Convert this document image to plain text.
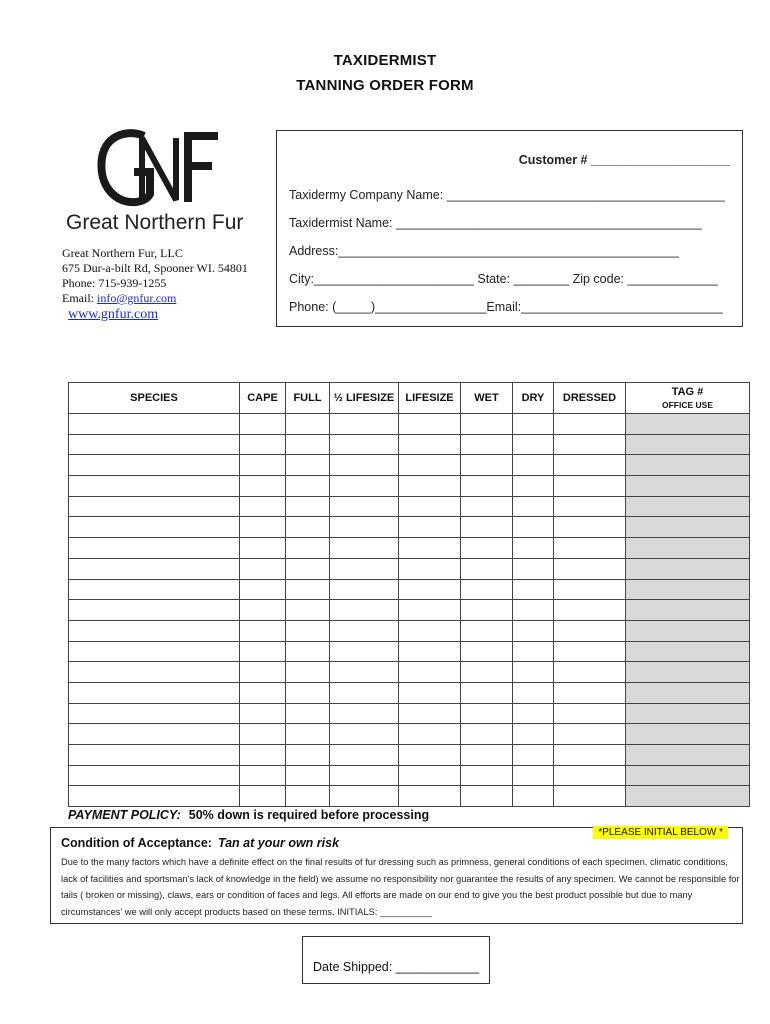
TAXIDERMIST
TANNING ORDER FORM
Great Northern Fur
Great Northern Fur, LLC
675 Dur-a-bilt Rd, Spooner WI. 54801
Phone: 715-939-1255
Email: info@gnfur.com
www.gnfur.com
Customer # ____________________
Taxidermy Company Name: ________________________________________
Taxidermist Name: ____________________________________________
Address:_________________________________________________
City:_______________________ State: ________ Zip code: _____________
Phone: (_____)________________Email:_____________________________
SPECIES	CAPE	FULL	½ LIFESIZE	LIFESIZE	WET	DRY	DRESSED	TAG #
OFFICE USE

PAYMENT POLICY: 50% down is required before processing
*PLEASE INITIAL BELOW *
Condition of Acceptance: Tan at your own risk
Due to the many factors which have a definite effect on the final results of fur dressing such as primness, general conditions of each specimen, climatic conditions, lack of facilities and sportsman's lack of knowledge in the field) we assume no responsibility nor guarantee the results of any specimen. We cannot be responsible for tails ( broken or missing), claws, ears or condition of faces and legs. All efforts are made on our end to give you the best product possible but due to many circumstances' we will only accept products based on these terms. INITIALS: __________
Date Shipped: ____________
